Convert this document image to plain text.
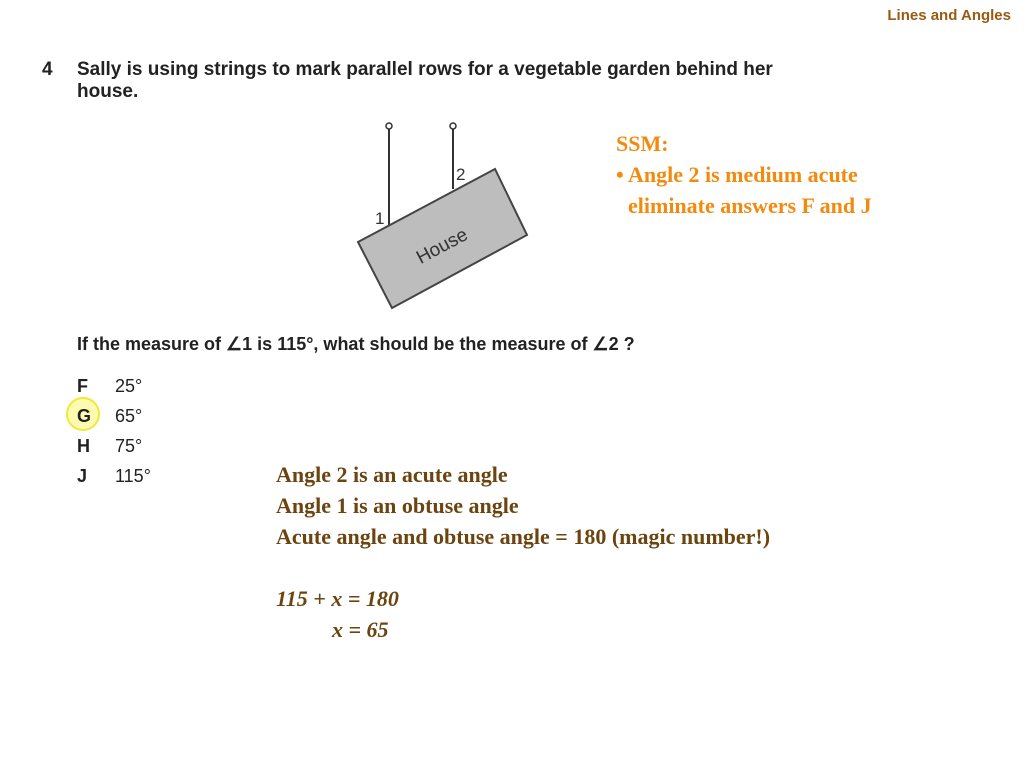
Lines and Angles
4 Sally is using strings to mark parallel rows for a vegetable garden behind her house.
House
1
2
SSM:
• Angle 2 is medium acute
eliminate answers F and J
If the measure of ∠1 is 115°, what should be the measure of ∠2 ?
F 25°
G 65°
H 75°
J 115°	Angle 2 is an acute angle
Angle 1 is an obtuse angle
Acute angle and obtuse angle = 180 (magic number!)
115 + x = 180
x = 65
